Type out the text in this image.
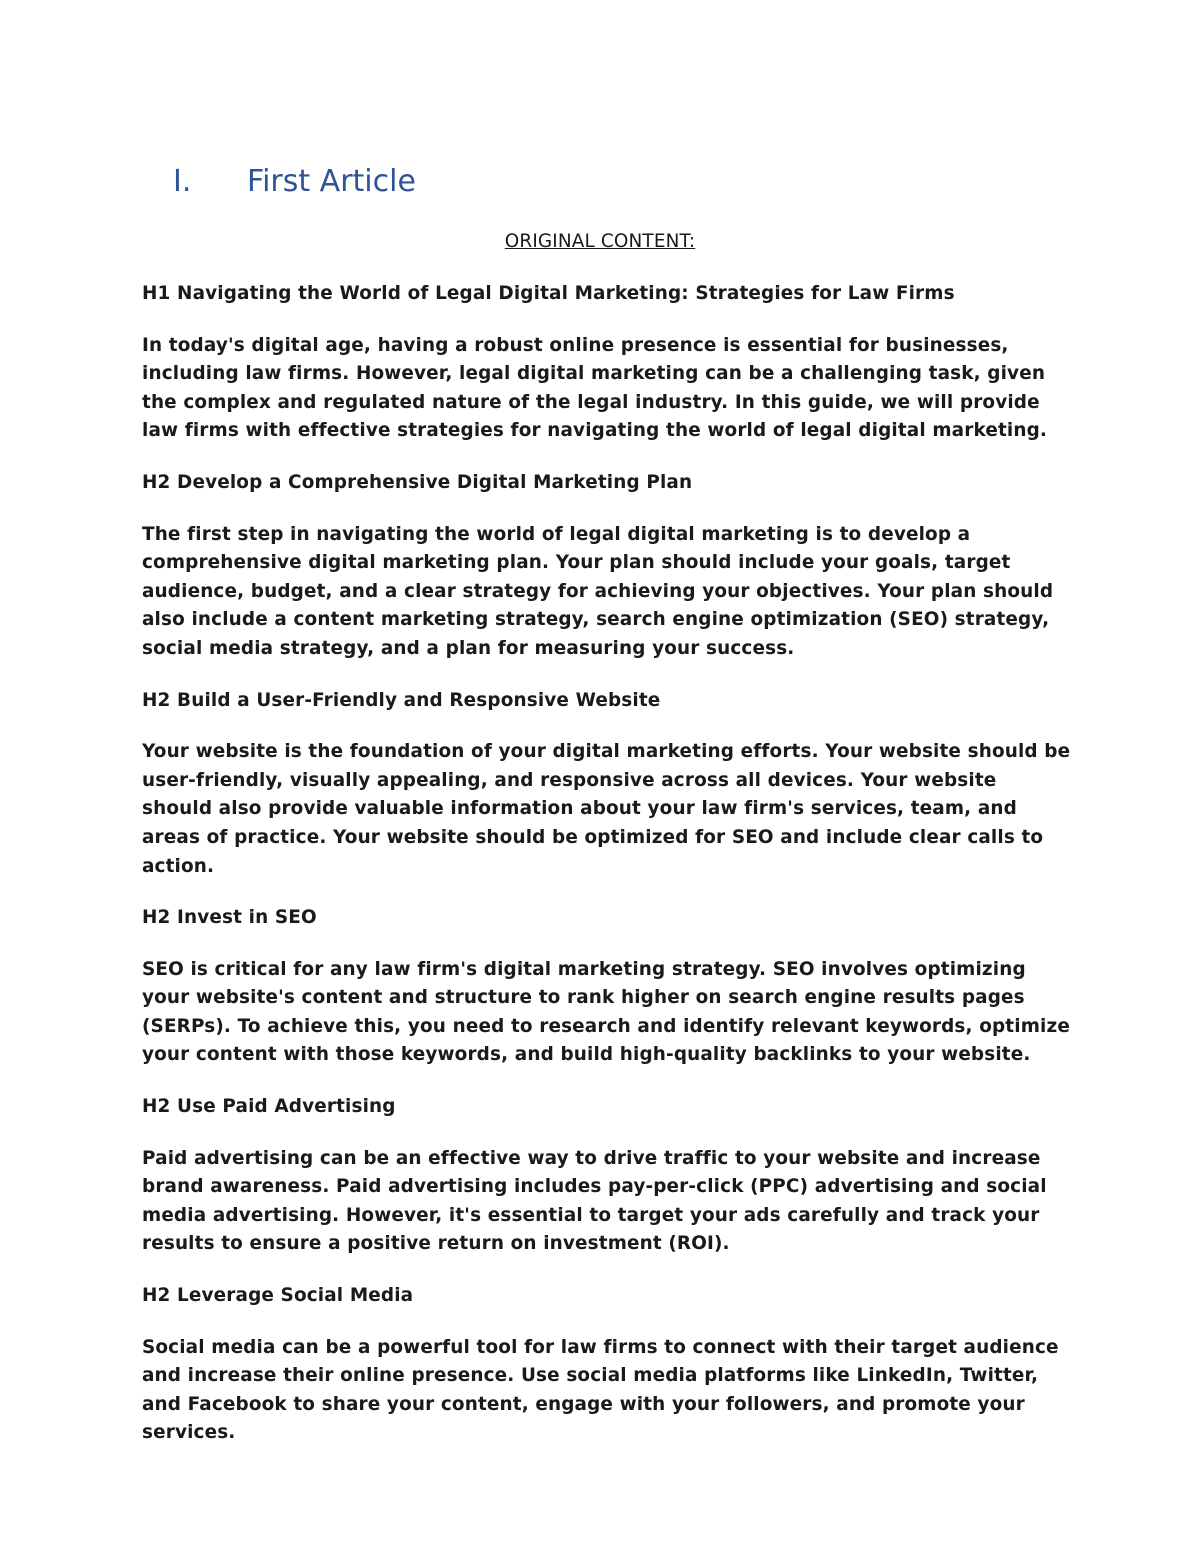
I. First Article

ORIGINAL CONTENT:

H1 Navigating the World of Legal Digital Marketing: Strategies for Law Firms

In today's digital age, having a robust online presence is essential for businesses, including law firms. However, legal digital marketing can be a challenging task, given the complex and regulated nature of the legal industry. In this guide, we will provide law firms with effective strategies for navigating the world of legal digital marketing.

H2 Develop a Comprehensive Digital Marketing Plan

The first step in navigating the world of legal digital marketing is to develop a comprehensive digital marketing plan. Your plan should include your goals, target audience, budget, and a clear strategy for achieving your objectives. Your plan should also include a content marketing strategy, search engine optimization (SEO) strategy, social media strategy, and a plan for measuring your success.

H2 Build a User-Friendly and Responsive Website

Your website is the foundation of your digital marketing efforts. Your website should be user-friendly, visually appealing, and responsive across all devices. Your website should also provide valuable information about your law firm's services, team, and areas of practice. Your website should be optimized for SEO and include clear calls to action.

H2 Invest in SEO

SEO is critical for any law firm's digital marketing strategy. SEO involves optimizing your website's content and structure to rank higher on search engine results pages (SERPs). To achieve this, you need to research and identify relevant keywords, optimize your content with those keywords, and build high-quality backlinks to your website.

H2 Use Paid Advertising

Paid advertising can be an effective way to drive traffic to your website and increase brand awareness. Paid advertising includes pay-per-click (PPC) advertising and social media advertising. However, it's essential to target your ads carefully and track your results to ensure a positive return on investment (ROI).

H2 Leverage Social Media

Social media can be a powerful tool for law firms to connect with their target audience and increase their online presence. Use social media platforms like LinkedIn, Twitter, and Facebook to share your content, engage with your followers, and promote your services.
